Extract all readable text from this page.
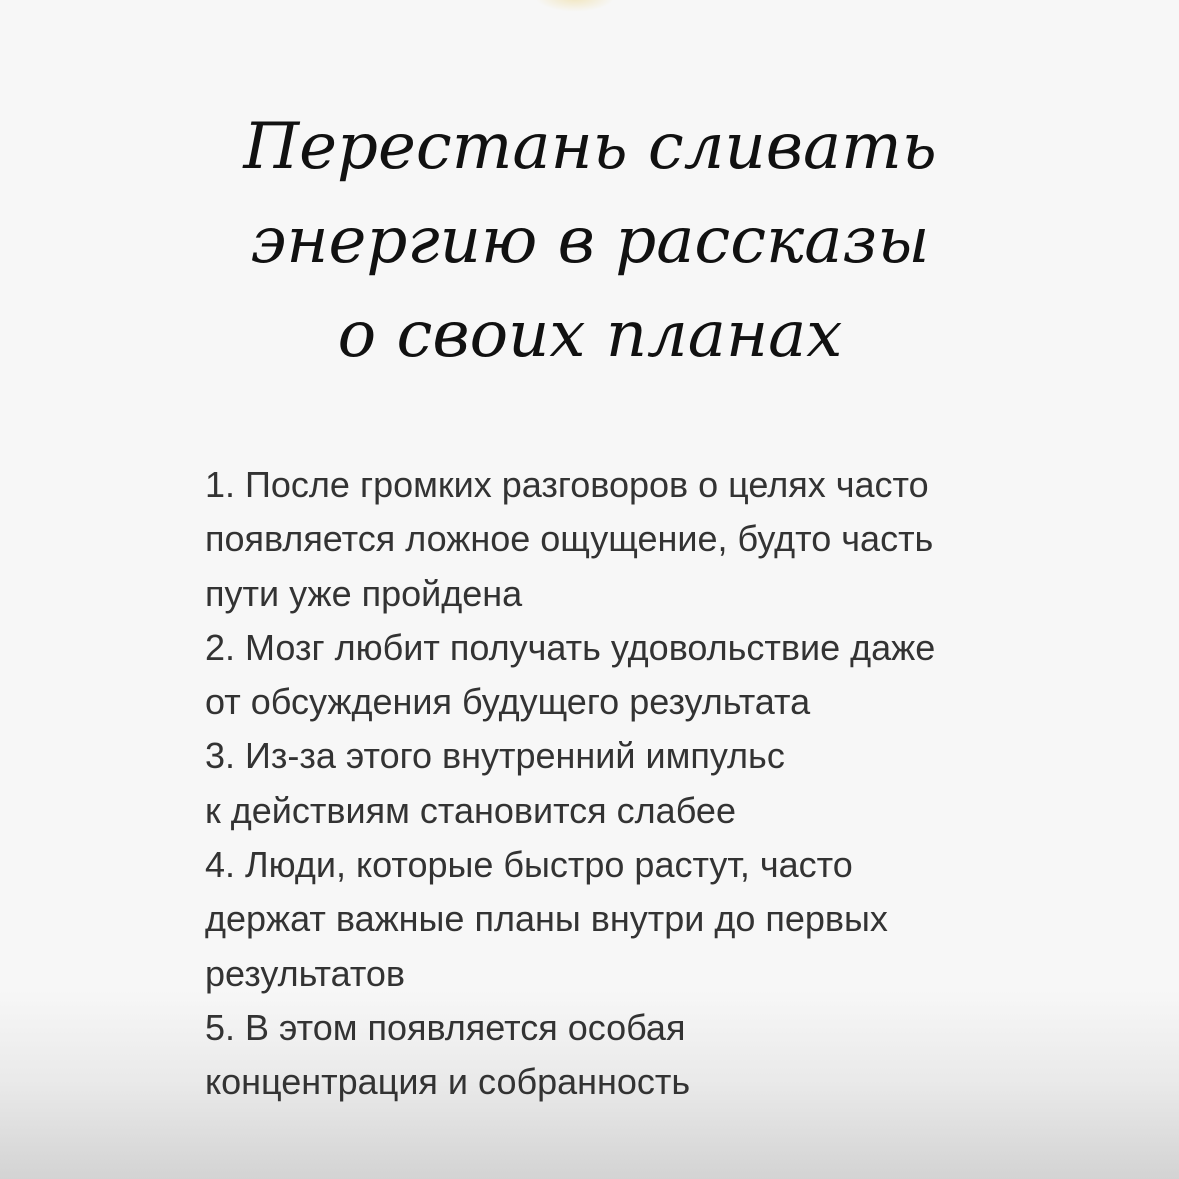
Перестань сливать
энергию в рассказы
о своих планах
1. После громких разговоров о целях часто
появляется ложное ощущение, будто часть
пути уже пройдена
2. Мозг любит получать удовольствие даже
от обсуждения будущего результата
3. Из-за этого внутренний импульс
к действиям становится слабее
4. Люди, которые быстро растут, часто
держат важные планы внутри до первых
результатов
5. В этом появляется особая
концентрация и собранность
